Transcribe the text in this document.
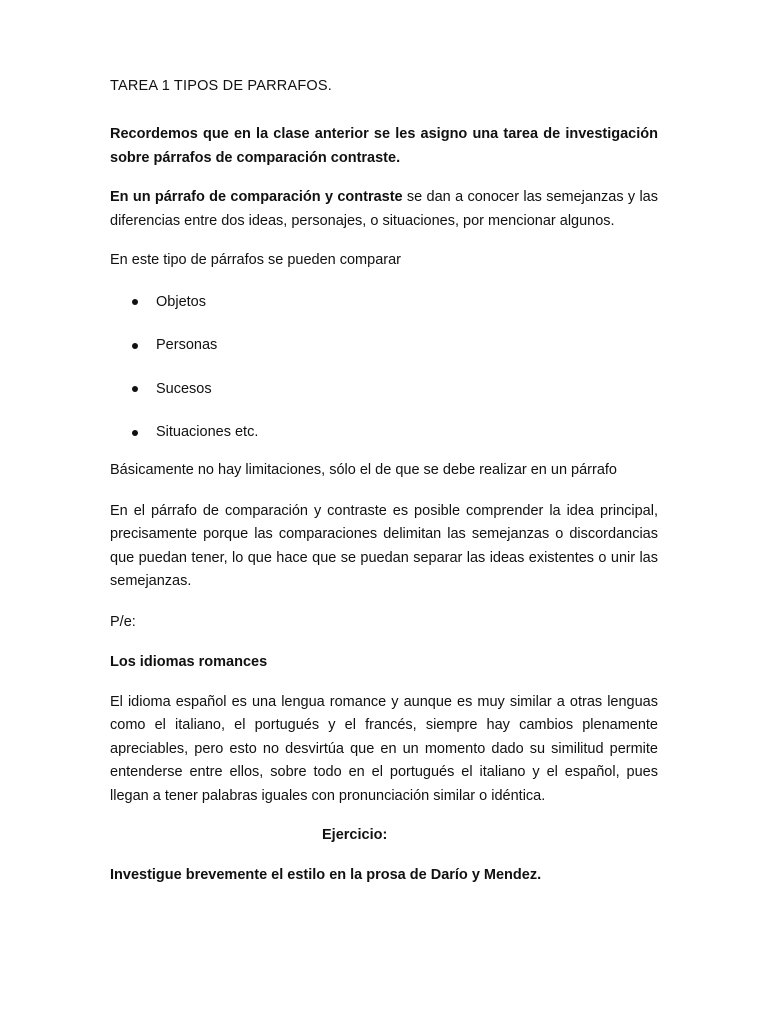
TAREA 1 TIPOS DE PARRAFOS.

Recordemos que en la clase anterior se les asigno una tarea de investigación sobre párrafos de comparación contraste.

En un párrafo de comparación y contraste se dan a conocer las semejanzas y las diferencias entre dos ideas, personajes, o situaciones, por mencionar algunos.

En este tipo de párrafos se pueden comparar

Objetos
Personas
Sucesos
Situaciones etc.

Básicamente no hay limitaciones, sólo el de que se debe realizar en un párrafo

En el párrafo de comparación y contraste es posible comprender la idea principal, precisamente porque las comparaciones delimitan las semejanzas o discordancias que puedan tener, lo que hace que se puedan separar las ideas existentes o unir las semejanzas.

P/e:

Los idiomas romances

El idioma español es una lengua romance y aunque es muy similar a otras lenguas como el italiano, el portugués y el francés, siempre hay cambios plenamente apreciables, pero esto no desvirtúa que en un momento dado su similitud permite entenderse entre ellos, sobre todo en el portugués el italiano y el español, pues llegan a tener palabras iguales con pronunciación similar o idéntica.

Ejercicio:

Investigue brevemente el estilo en la prosa de Darío y Mendez.
